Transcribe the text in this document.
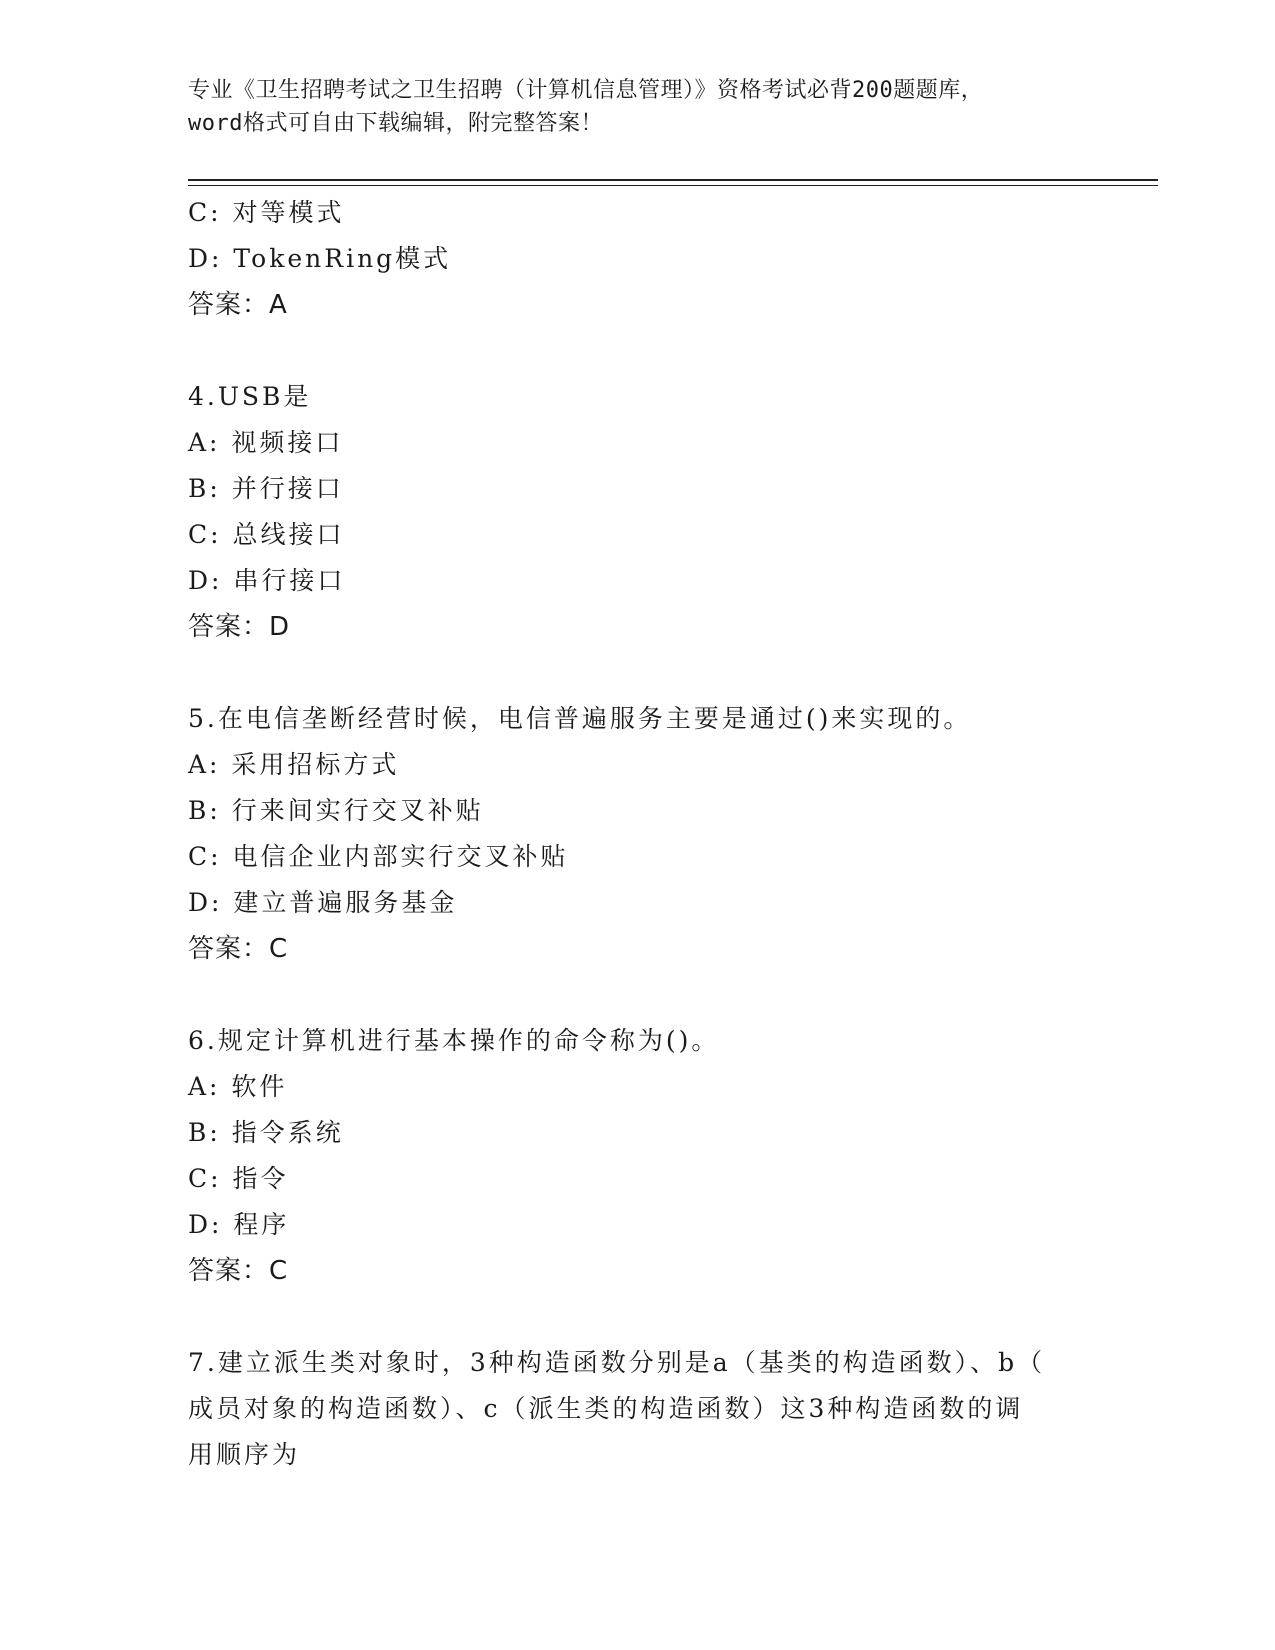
专业《卫生招聘考试之卫生招聘（计算机信息管理）》资格考试必背200题题库，
word格式可自由下载编辑，附完整答案！
C: 对等模式
D: TokenRing模式
答案：A
4.USB是
A: 视频接口
B: 并行接口
C: 总线接口
D: 串行接口
答案：D
5.在电信垄断经营时候，电信普遍服务主要是通过()来实现的。
A: 采用招标方式
B: 行来间实行交叉补贴
C: 电信企业内部实行交叉补贴
D: 建立普遍服务基金
答案：C
6.规定计算机进行基本操作的命令称为()。
A: 软件
B: 指令系统
C: 指令
D: 程序
答案：C
7.建立派生类对象时，3种构造函数分别是a（基类的构造函数）、b（
成员对象的构造函数）、c（派生类的构造函数）这3种构造函数的调
用顺序为
